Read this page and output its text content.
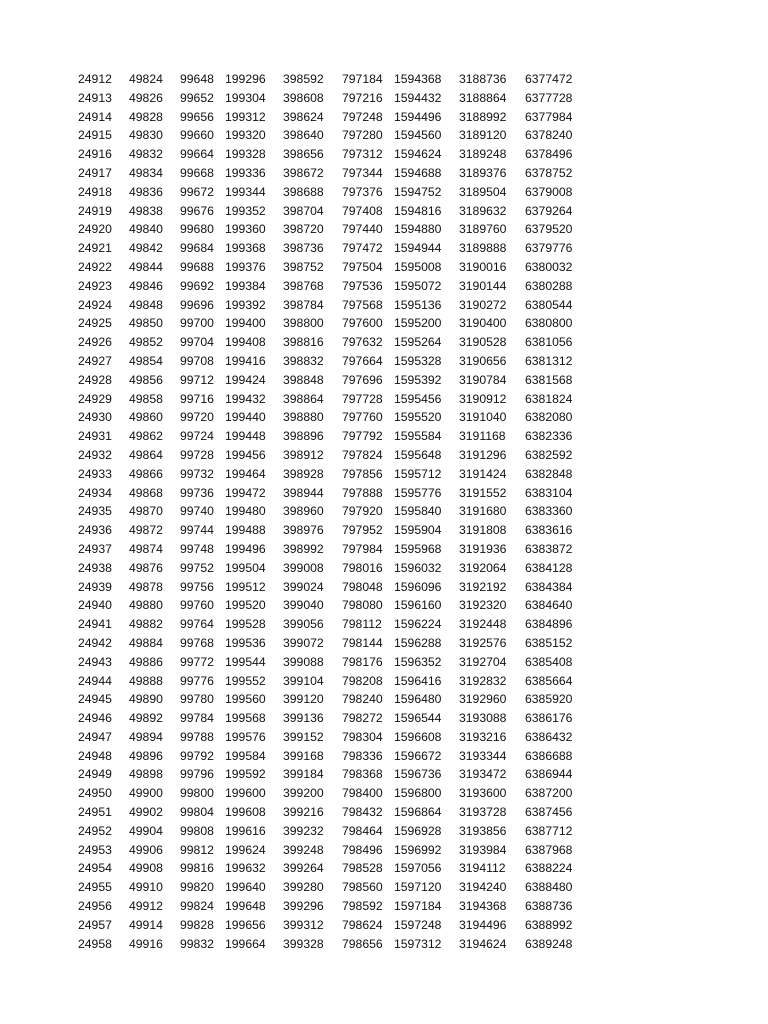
24912	49824	99648	199296	398592	797184	1594368	3188736	6377472
24913	49826	99652	199304	398608	797216	1594432	3188864	6377728
24914	49828	99656	199312	398624	797248	1594496	3188992	6377984
24915	49830	99660	199320	398640	797280	1594560	3189120	6378240
24916	49832	99664	199328	398656	797312	1594624	3189248	6378496
24917	49834	99668	199336	398672	797344	1594688	3189376	6378752
24918	49836	99672	199344	398688	797376	1594752	3189504	6379008
24919	49838	99676	199352	398704	797408	1594816	3189632	6379264
24920	49840	99680	199360	398720	797440	1594880	3189760	6379520
24921	49842	99684	199368	398736	797472	1594944	3189888	6379776
24922	49844	99688	199376	398752	797504	1595008	3190016	6380032
24923	49846	99692	199384	398768	797536	1595072	3190144	6380288
24924	49848	99696	199392	398784	797568	1595136	3190272	6380544
24925	49850	99700	199400	398800	797600	1595200	3190400	6380800
24926	49852	99704	199408	398816	797632	1595264	3190528	6381056
24927	49854	99708	199416	398832	797664	1595328	3190656	6381312
24928	49856	99712	199424	398848	797696	1595392	3190784	6381568
24929	49858	99716	199432	398864	797728	1595456	3190912	6381824
24930	49860	99720	199440	398880	797760	1595520	3191040	6382080
24931	49862	99724	199448	398896	797792	1595584	3191168	6382336
24932	49864	99728	199456	398912	797824	1595648	3191296	6382592
24933	49866	99732	199464	398928	797856	1595712	3191424	6382848
24934	49868	99736	199472	398944	797888	1595776	3191552	6383104
24935	49870	99740	199480	398960	797920	1595840	3191680	6383360
24936	49872	99744	199488	398976	797952	1595904	3191808	6383616
24937	49874	99748	199496	398992	797984	1595968	3191936	6383872
24938	49876	99752	199504	399008	798016	1596032	3192064	6384128
24939	49878	99756	199512	399024	798048	1596096	3192192	6384384
24940	49880	99760	199520	399040	798080	1596160	3192320	6384640
24941	49882	99764	199528	399056	798112	1596224	3192448	6384896
24942	49884	99768	199536	399072	798144	1596288	3192576	6385152
24943	49886	99772	199544	399088	798176	1596352	3192704	6385408
24944	49888	99776	199552	399104	798208	1596416	3192832	6385664
24945	49890	99780	199560	399120	798240	1596480	3192960	6385920
24946	49892	99784	199568	399136	798272	1596544	3193088	6386176
24947	49894	99788	199576	399152	798304	1596608	3193216	6386432
24948	49896	99792	199584	399168	798336	1596672	3193344	6386688
24949	49898	99796	199592	399184	798368	1596736	3193472	6386944
24950	49900	99800	199600	399200	798400	1596800	3193600	6387200
24951	49902	99804	199608	399216	798432	1596864	3193728	6387456
24952	49904	99808	199616	399232	798464	1596928	3193856	6387712
24953	49906	99812	199624	399248	798496	1596992	3193984	6387968
24954	49908	99816	199632	399264	798528	1597056	3194112	6388224
24955	49910	99820	199640	399280	798560	1597120	3194240	6388480
24956	49912	99824	199648	399296	798592	1597184	3194368	6388736
24957	49914	99828	199656	399312	798624	1597248	3194496	6388992
24958	49916	99832	199664	399328	798656	1597312	3194624	6389248
